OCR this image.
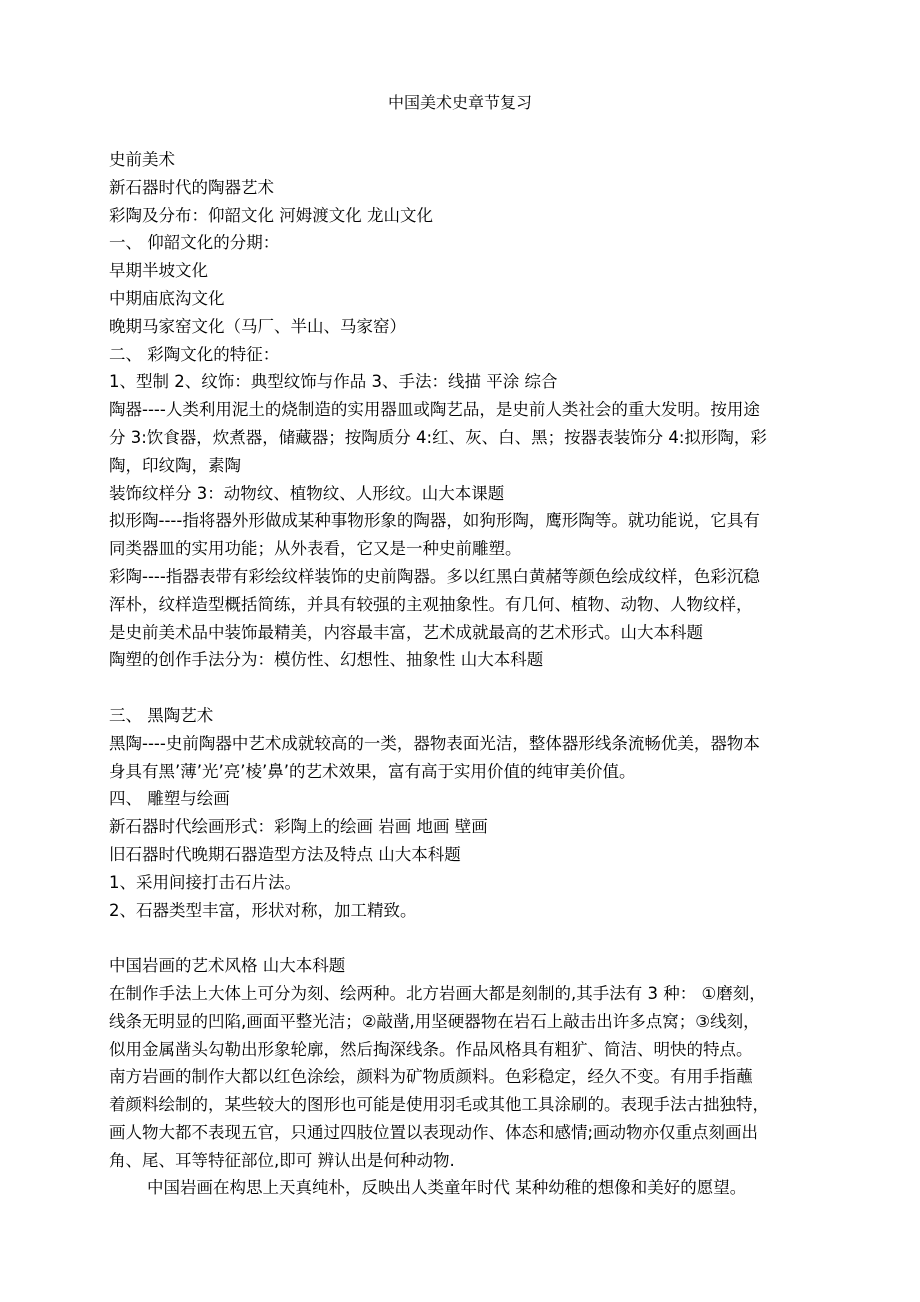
中国美术史章节复习
史前美术
新石器时代的陶器艺术
彩陶及分布：仰韶文化 河姆渡文化 龙山文化
一、 仰韶文化的分期：
早期半坡文化
中期庙底沟文化
晚期马家窑文化（马厂、半山、马家窑）
二、 彩陶文化的特征：
1、型制 2、纹饰：典型纹饰与作品 3、手法：线描 平涂 综合
陶器----人类利用泥土的烧制造的实用器皿或陶艺品，是史前人类社会的重大发明。按用途
分 3:饮食器，炊煮器，储藏器；按陶质分 4:红、灰、白、黑；按器表装饰分 4:拟形陶，彩
陶，印纹陶，素陶
装饰纹样分 3：动物纹、植物纹、人形纹。山大本课题
拟形陶----指将器外形做成某种事物形象的陶器，如狗形陶，鹰形陶等。就功能说，它具有
同类器皿的实用功能；从外表看，它又是一种史前雕塑。
彩陶----指器表带有彩绘纹样装饰的史前陶器。多以红黑白黄赭等颜色绘成纹样，色彩沉稳
浑朴，纹样造型概括简练，并具有较强的主观抽象性。有几何、植物、动物、人物纹样，
是史前美术品中装饰最精美，内容最丰富，艺术成就最高的艺术形式。山大本科题
陶塑的创作手法分为：模仿性、幻想性、抽象性 山大本科题
三、 黑陶艺术
黑陶----史前陶器中艺术成就较高的一类，器物表面光洁，整体器形线条流畅优美，器物本
身具有黑’薄’光’亮’棱’鼻’的艺术效果，富有高于实用价值的纯审美价值。
四、 雕塑与绘画
新石器时代绘画形式：彩陶上的绘画 岩画 地画 壁画
旧石器时代晚期石器造型方法及特点 山大本科题
1、采用间接打击石片法。
2、石器类型丰富，形状对称，加工精致。
中国岩画的艺术风格 山大本科题
在制作手法上大体上可分为刻、绘两种。北方岩画大都是刻制的,其手法有 3 种： ①磨刻，
线条无明显的凹陷,画面平整光洁；②敲凿,用坚硬器物在岩石上敲击出许多点窝；③线刻，
似用金属凿头勾勒出形象轮廓，然后掏深线条。作品风格具有粗犷、简洁、明快的特点。
南方岩画的制作大都以红色涂绘，颜料为矿物质颜料。色彩稳定，经久不变。有用手指蘸
着颜料绘制的，某些较大的图形也可能是使用羽毛或其他工具涂刷的。表现手法古拙独特，
画人物大都不表现五官，只通过四肢位置以表现动作、体态和感情;画动物亦仅重点刻画出
角、尾、耳等特征部位,即可 辨认出是何种动物.
中国岩画在构思上天真纯朴，反映出人类童年时代 某种幼稚的想像和美好的愿望。
